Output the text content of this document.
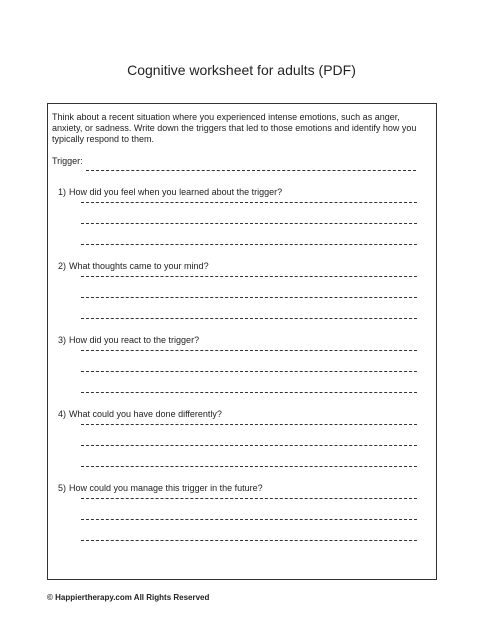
Cognitive worksheet for adults (PDF)
Think about a recent situation where you experienced intense emotions, such as anger, anxiety, or sadness. Write down the triggers that led to those emotions and identify how you typically respond to them.
Trigger:
1) How did you feel when you learned about the trigger?
2) What thoughts came to your mind?
3) How did you react to the trigger?
4) What could you have done differently?
5) How could you manage this trigger in the future?
© Happiertherapy.com All Rights Reserved
